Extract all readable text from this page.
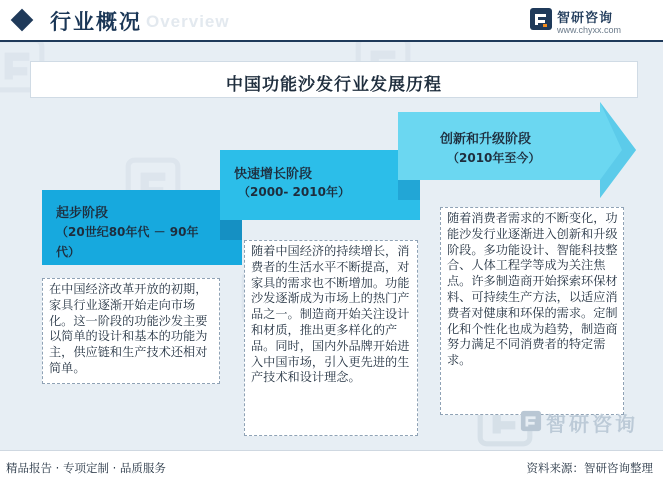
行业概况 Overview	智研咨询
www.chyxx.com
中国功能沙发行业发展历程
起步阶段
（20世纪80年代 － 90年代）
快速增长阶段
（2000- 2010年）
创新和升级阶段
（2010年至今）
在中国经济改革开放的初期，家具行业逐渐开始走向市场化。这一阶段的功能沙发主要以简单的设计和基本的功能为主，供应链和生产技术还相对简单。
随着中国经济的持续增长，消费者的生活水平不断提高，对家具的需求也不断增加。功能沙发逐渐成为市场上的热门产品之一。制造商开始关注设计和材质，推出更多样化的产品。同时，国内外品牌开始进入中国市场，引入更先进的生产技术和设计理念。
随着消费者需求的不断变化，功能沙发行业逐渐进入创新和升级阶段。多功能设计、智能科技整合、人体工程学等成为关注焦点。许多制造商开始探索环保材料、可持续生产方法，以适应消费者对健康和环保的需求。定制化和个性化也成为趋势，制造商努力满足不同消费者的特定需求。
智研咨询
精品报告 · 专项定制 · 品质服务	资料来源：智研咨询整理
